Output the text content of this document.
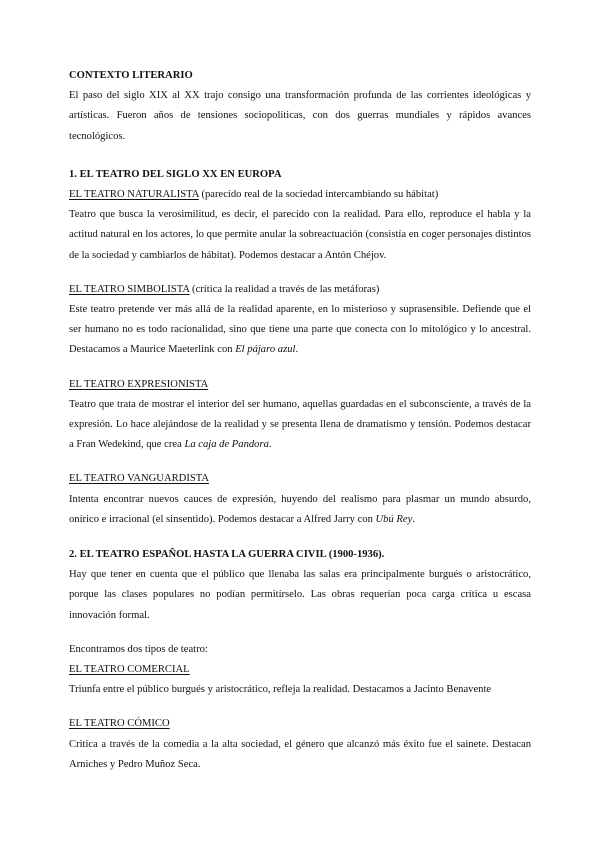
CONTEXTO LITERARIO

El paso del siglo XIX al XX trajo consigo una transformación profunda de las corrientes ideológicas y artísticas. Fueron años de tensiones sociopolíticas, con dos guerras mundiales y rápidos avances tecnológicos.

1. EL TEATRO DEL SIGLO XX EN EUROPA

EL TEATRO NATURALISTA (parecido real de la sociedad intercambiando su hábitat)

Teatro que busca la verosimilitud, es decir, el parecido con la realidad. Para ello, reproduce el habla y la actitud natural en los actores, lo que permite anular la sobreactuación (consistía en coger personajes distintos de la sociedad y cambiarlos de hábitat). Podemos destacar a Antón Chéjov.

EL TEATRO SIMBOLISTA (crítica la realidad a través de las metáforas)

Este teatro pretende ver más allá de la realidad aparente, en lo misterioso y suprasensible. Defiende que el ser humano no es todo racionalidad, sino que tiene una parte que conecta con lo mitológico y lo ancestral. Destacamos a Maurice Maeterlink con El pájaro azul.

EL TEATRO EXPRESIONISTA

Teatro que trata de mostrar el interior del ser humano, aquellas guardadas en el subconsciente, a través de la expresión. Lo hace alejándose de la realidad y se presenta llena de dramatismo y tensión. Podemos destacar a Fran Wedekind, que crea La caja de Pandora.

EL TEATRO VANGUARDISTA

Intenta encontrar nuevos cauces de expresión, huyendo del realismo para plasmar un mundo absurdo, onírico e irracional (el sinsentido). Podemos destacar a Alfred Jarry con Ubú Rey.

2. EL TEATRO ESPAÑOL HASTA LA GUERRA CIVIL (1900-1936).

Hay que tener en cuenta que el público que llenaba las salas era principalmente burgués o aristocrático, porque las clases populares no podían permitírselo. Las obras requerían poca carga crítica u escasa innovación formal.

Encontramos dos tipos de teatro:

EL TEATRO COMERCIAL

Triunfa entre el público burgués y aristocrático, refleja la realidad. Destacamos a Jacinto Benavente

EL TEATRO CÓMICO

Critica a través de la comedia a la alta sociedad, el género que alcanzó más éxito fue el sainete. Destacan Arniches y Pedro Muñoz Seca.
